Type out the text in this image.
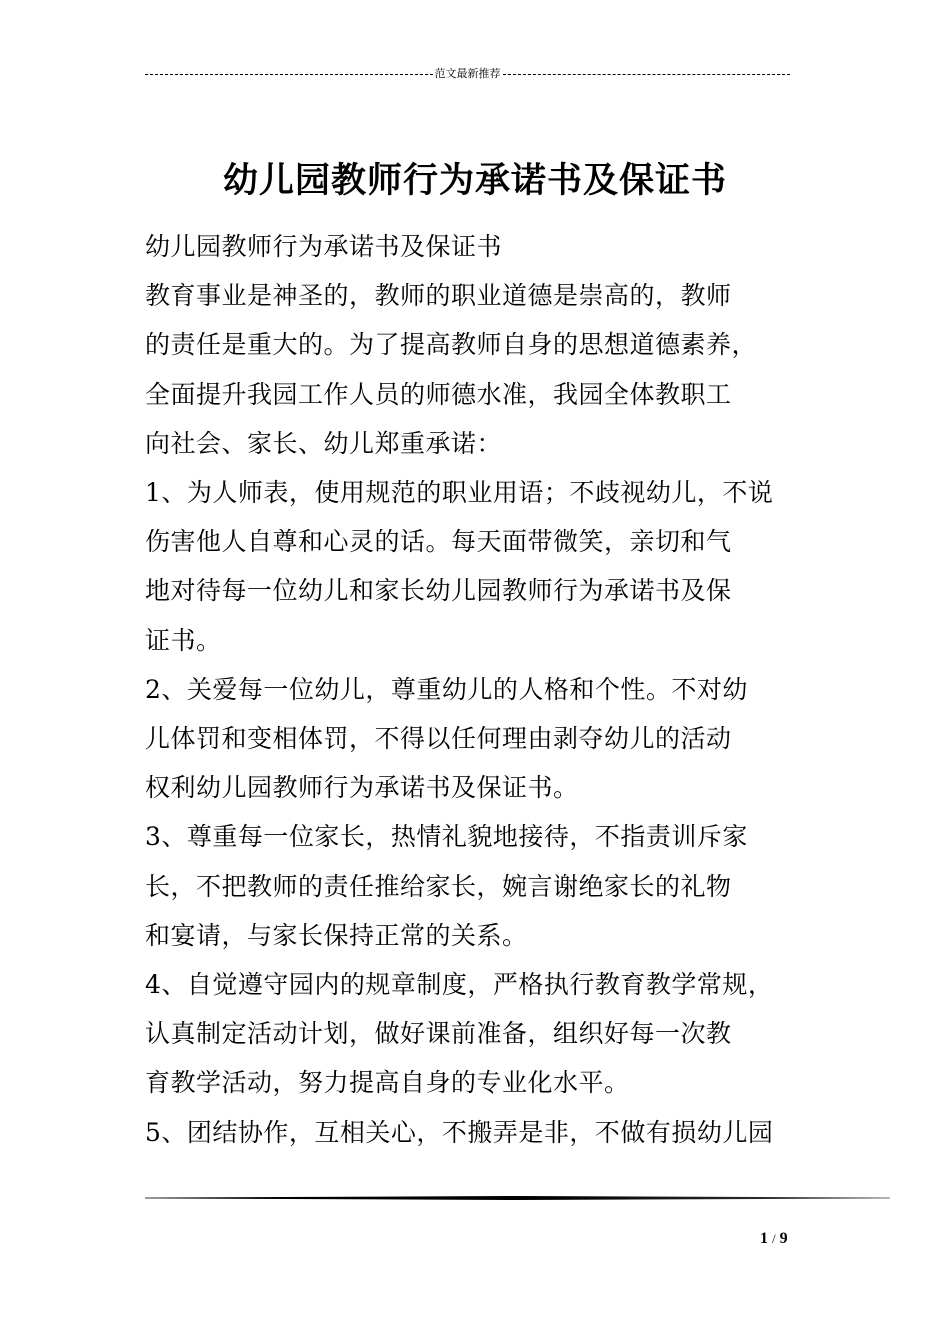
范文最新推荐
幼儿园教师行为承诺书及保证书

幼儿园教师行为承诺书及保证书

教育事业是神圣的，教师的职业道德是崇高的，教师

的责任是重大的。为了提高教师自身的思想道德素养，

全面提升我园工作人员的师德水准，我园全体教职工

向社会、家长、幼儿郑重承诺：

1、为人师表，使用规范的职业用语；不歧视幼儿，不说

伤害他人自尊和心灵的话。每天面带微笑，亲切和气

地对待每一位幼儿和家长幼儿园教师行为承诺书及保

证书。

2、关爱每一位幼儿，尊重幼儿的人格和个性。不对幼

儿体罚和变相体罚，不得以任何理由剥夺幼儿的活动

权利幼儿园教师行为承诺书及保证书。

3、尊重每一位家长，热情礼貌地接待，不指责训斥家

长，不把教师的责任推给家长，婉言谢绝家长的礼物

和宴请，与家长保持正常的关系。

4、自觉遵守园内的规章制度，严格执行教育教学常规，

认真制定活动计划，做好课前准备，组织好每一次教

育教学活动，努力提高自身的专业化水平。

5、团结协作，互相关心，不搬弄是非，不做有损幼儿园

1 / 9
